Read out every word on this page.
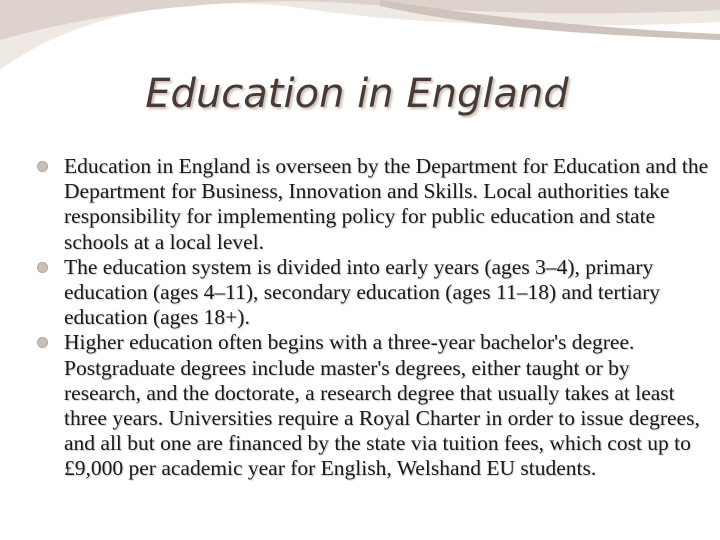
Education in England
Education in England is overseen by the Department for Education and the Department for Business, Innovation and Skills. Local authorities take responsibility for implementing policy for public education and state schools at a local level.
The education system is divided into early years (ages 3–4), primary education (ages 4–11), secondary education (ages 11–18) and tertiary education (ages 18+).
Higher education often begins with a three-year bachelor's degree. Postgraduate degrees include master's degrees, either taught or by research, and the doctorate, a research degree that usually takes at least three years. Universities require a Royal Charter in order to issue degrees, and all but one are financed by the state via tuition fees, which cost up to £9,000 per academic year for English, Welshand EU students.
